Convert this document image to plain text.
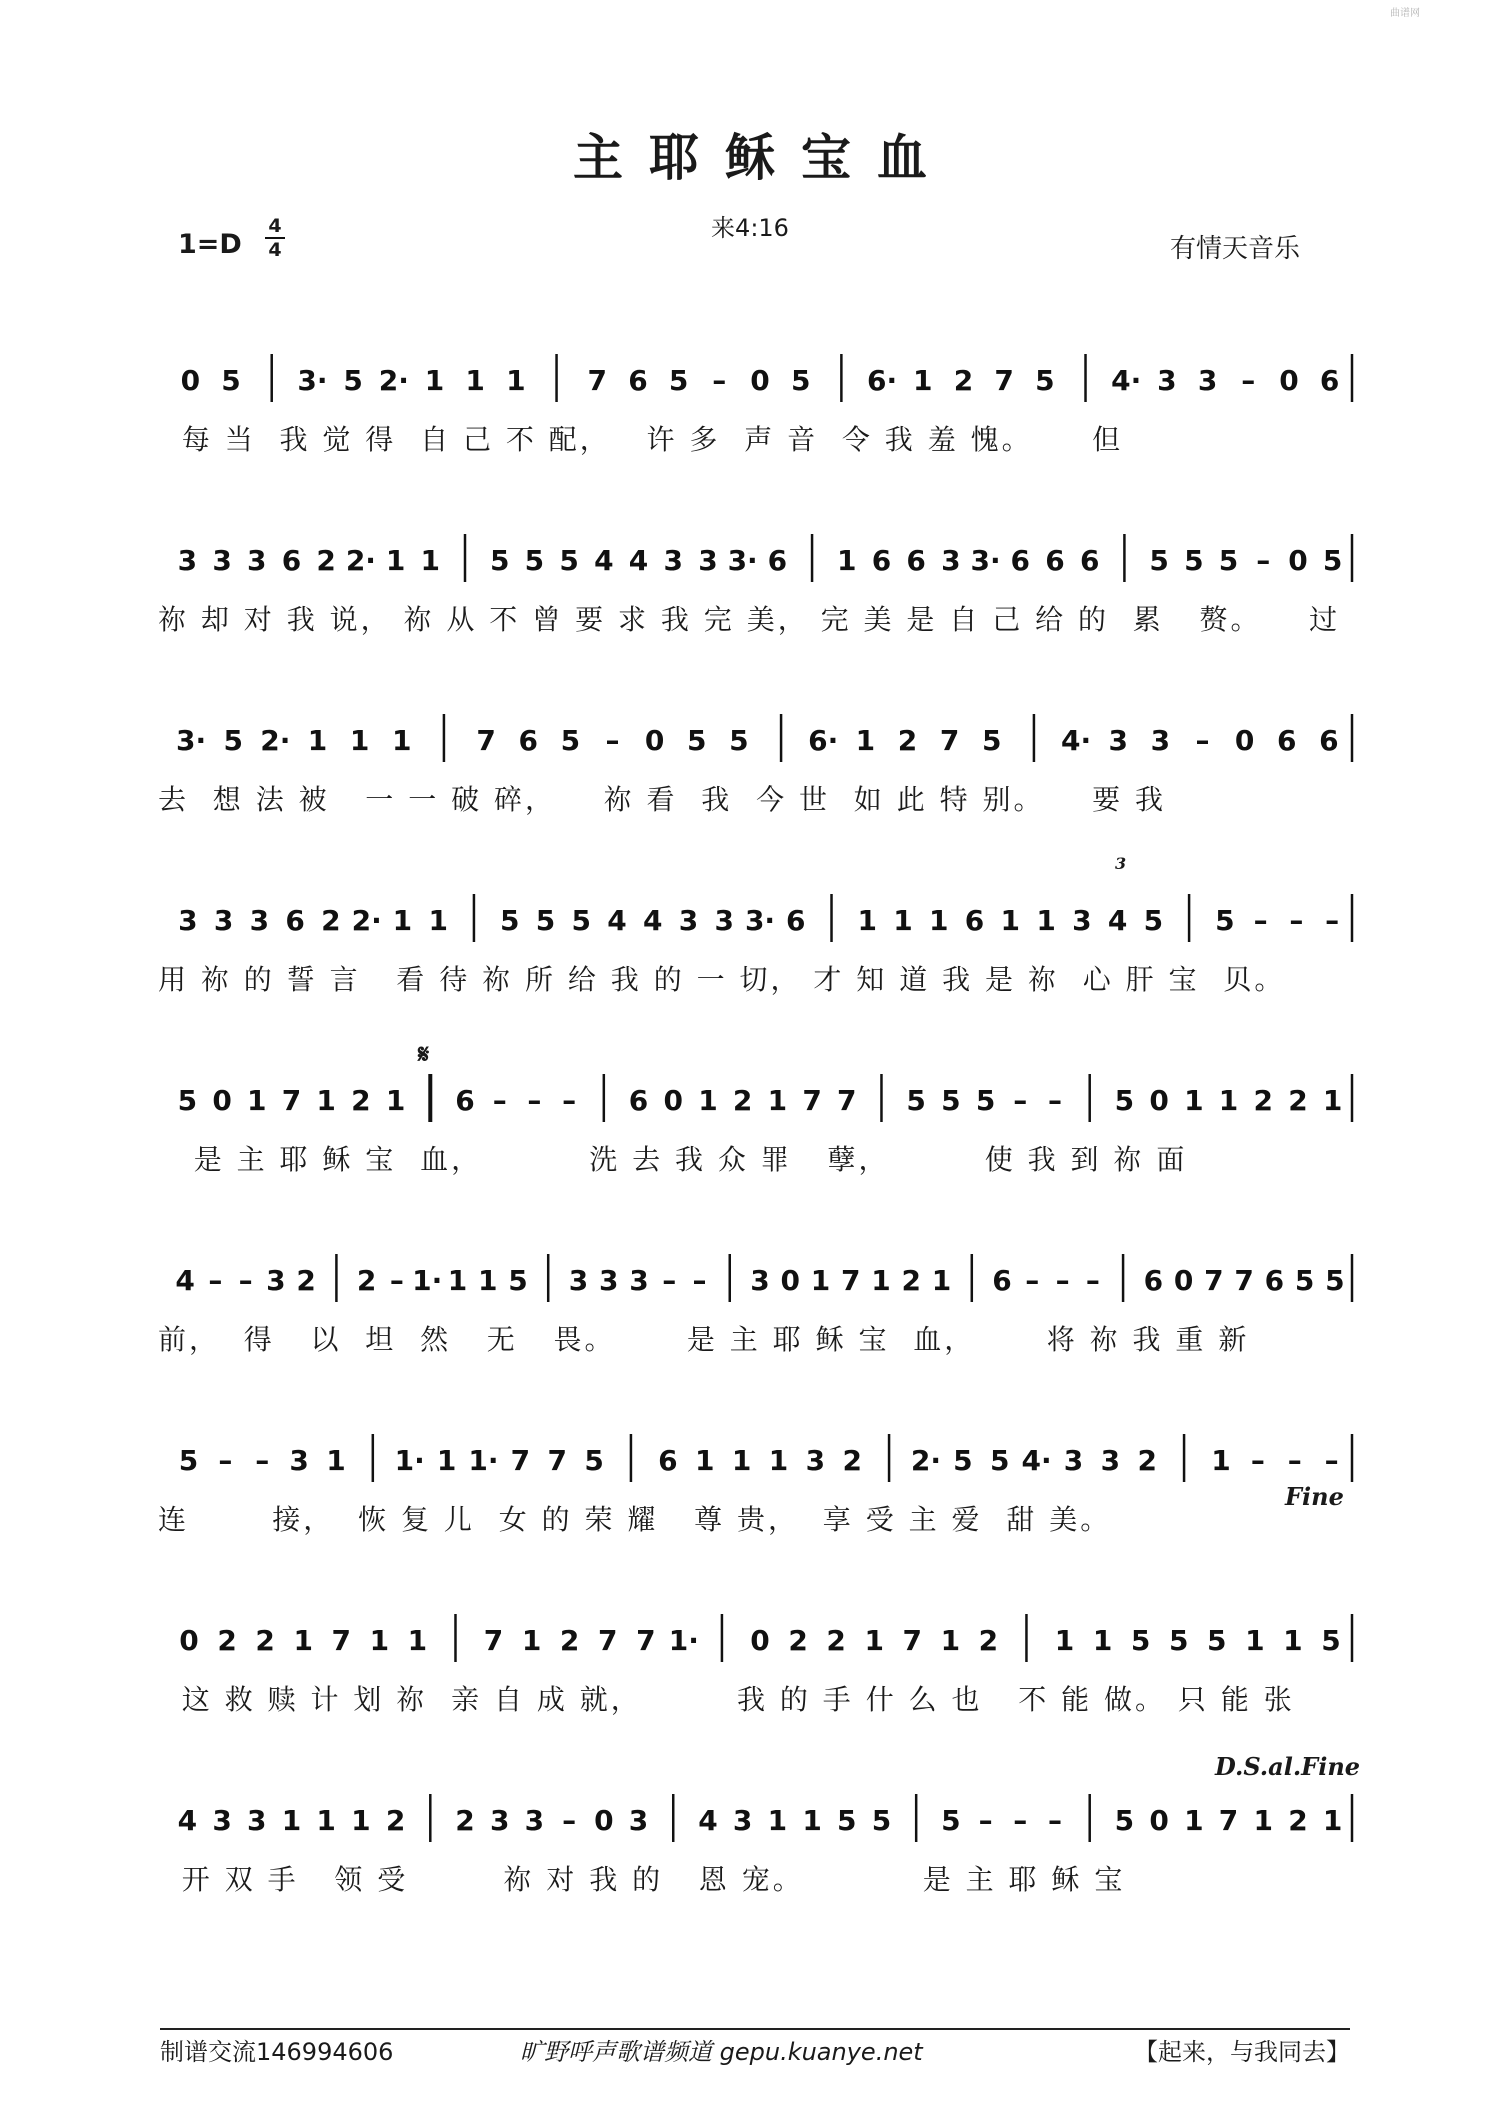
曲谱网
主耶稣宝血
来4:16
1=D
4
4	有情天音乐
0 5 3· 5 2· 1 1 1 7 6 5 – 0 5 6· 1 2 7 5 4· 3 3 – 0 6
每 当  我 觉 得  自 己 不 配，   许 多  声 音  令 我 羞 愧。     但
3 3 3 6 2 2· 1 1 5 5 5 4 4 3 3 3· 6 1 6 6 3 3· 6 6 6 5 5 5 – 0 5
祢 却 对 我 说， 祢 从 不 曾 要 求 我 完 美， 完 美 是 自 己 给 的  累   赘。    过
3· 5 2· 1 1 1 7 6 5 – 0 5 5 6· 1 2 7 5 4· 3 3 – 0 6 6
去  想 法 被   一 一 破 碎，    祢 看  我  今 世  如 此 特 别。    要 我
3 3 3 6 2 2· 1 1 5 5 5 4 4 3 3 3· 6 1 1 1 6 1 1 3 4 5 5 – – –
用 祢 的 誓 言   看 待 祢 所 给 我 的 一 切， 才 知 道 我 是 祢  心 肝 宝  贝。
3
5 0 1 7 1 2 1 6 – – – 6 0 1 2 1 7 7 5 5 5 – – 5 0 1 1 2 2 1
是 主 耶 稣 宝  血，         洗 去 我 众 罪   孽，        使 我 到 祢 面
𝄋
4 – – 3 2 2 – 1· 1 1 5 3 3 3 – – 3 0 1 7 1 2 1 6 – – – 6 0 7 7 6 5 5
前，  得   以  坦  然   无   畏。      是 主 耶 稣 宝  血，      将 祢 我 重 新
5 – – 3 1 1· 1 1· 7 7 5 6 1 1 1 3 2 2· 5 5 4· 3 3 2 1 – – –
连       接，  恢 复 儿  女 的 荣 耀   尊 贵，  享 受 主 爱  甜 美。
Fine
0 2 2 1 7 1 1 7 1 2 7 7 1· 0 2 2 1 7 1 2 1 1 5 5 5 1 1 5
这 救 赎 计 划 祢  亲 自 成 就，        我 的 手 什 么 也   不 能 做。 只 能 张
4 3 3 1 1 1 2 2 3 3 – 0 3 4 3 1 1 5 5 5 – – – 5 0 1 7 1 2 1
开 双 手   领 受        祢 对 我 的   恩 宠。          是 主 耶 稣 宝
D.S.al.Fine
制谱交流146994606	旷野呼声歌谱频道 gepu.kuanye.net	【起来，与我同去】
